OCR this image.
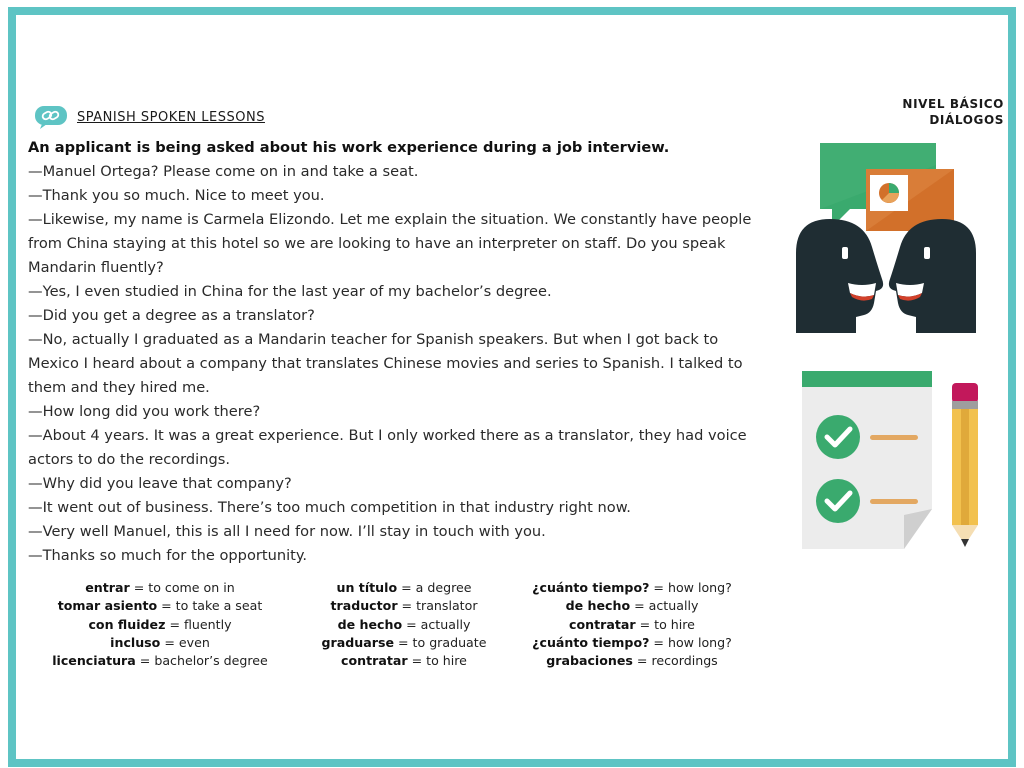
SPANISH SPOKEN LESSONS
NIVEL BÁSICO
DIÁLOGOS

An applicant is being asked about his work experience during a job interview.

—Manuel Ortega? Please come on in and take a seat.

—Thank you so much. Nice to meet you.

—Likewise, my name is Carmela Elizondo. Let me explain the situation. We constantly have people from China staying at this hotel so we are looking to have an interpreter on staff. Do you speak Mandarin fluently?

—Yes, I even studied in China for the last year of my bachelor’s degree.

—Did you get a degree as a translator?

—No, actually I graduated as a Mandarin teacher for Spanish speakers. But when I got back to Mexico I heard about a company that translates Chinese movies and series to Spanish. I talked to them and they hired me.

—How long did you work there?

—About 4 years. It was a great experience. But I only worked there as a translator, they had voice actors to do the recordings.

—Why did you leave that company?

—It went out of business. There’s too much competition in that industry right now.

—Very well Manuel, this is all I need for now. I’ll stay in touch with you.

—Thanks so much for the opportunity.

entrar = to come on in
tomar asiento = to take a seat
con fluidez = fluently
incluso = even
licenciatura = bachelor’s degree
un título = a degree
traductor = translator
de hecho = actually
graduarse = to graduate
contratar = to hire
¿cuánto tiempo? = how long?
de hecho = actually
contratar = to hire
¿cuánto tiempo? = how long?
grabaciones = recordings
